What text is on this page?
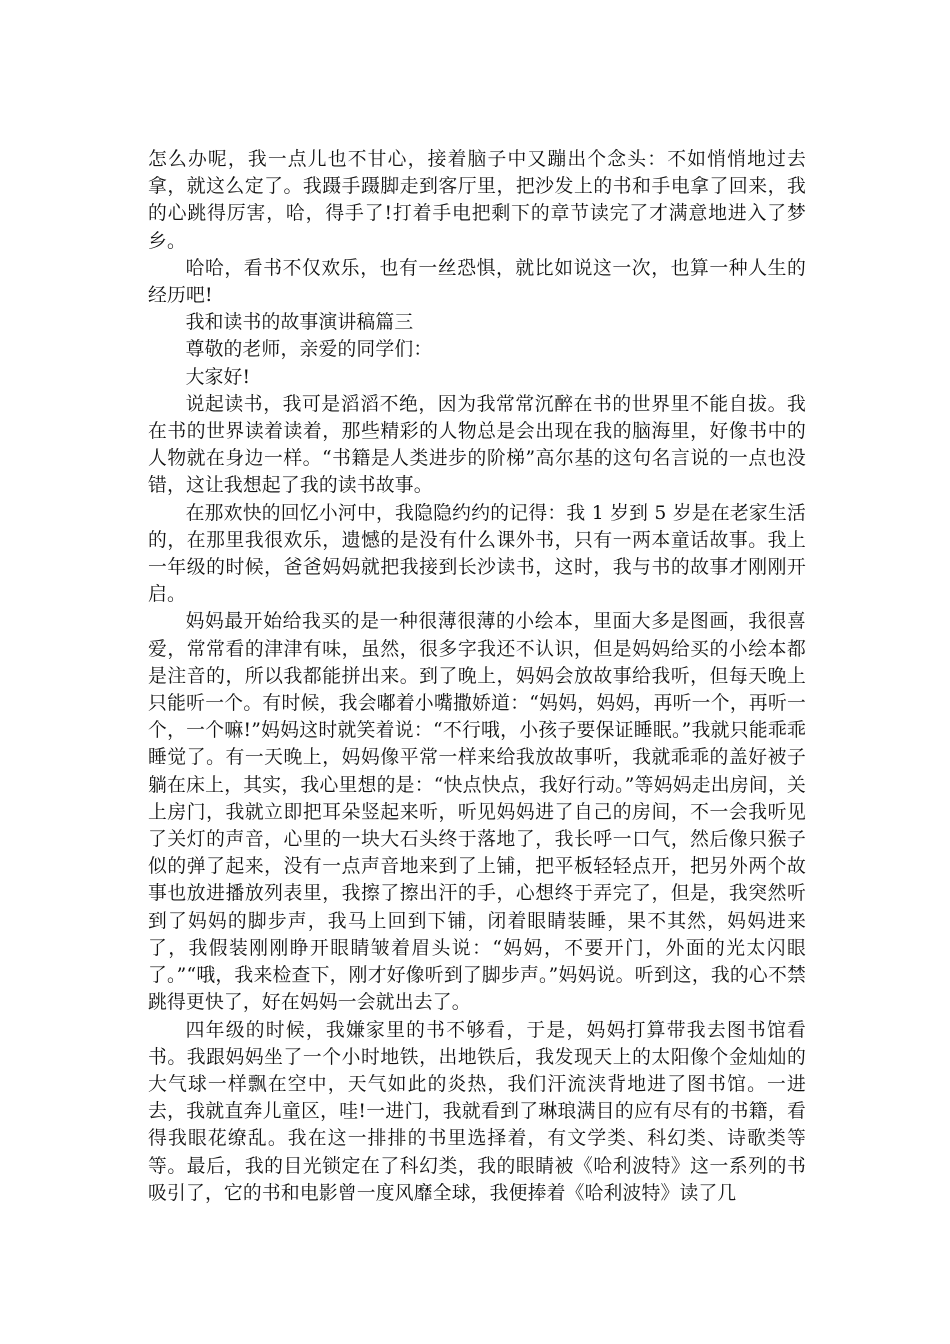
怎么办呢，我一点儿也不甘心，接着脑子中又蹦出个念头：不如悄悄地过去拿，就这么定了。我蹑手蹑脚走到客厅里，把沙发上的书和手电拿了回来，我的心跳得厉害，哈，得手了!打着手电把剩下的章节读完了才满意地进入了梦乡。

哈哈，看书不仅欢乐，也有一丝恐惧，就比如说这一次，也算一种人生的经历吧!

我和读书的故事演讲稿篇三

尊敬的老师，亲爱的同学们：

大家好!

说起读书，我可是滔滔不绝，因为我常常沉醉在书的世界里不能自拔。我在书的世界读着读着，那些精彩的人物总是会出现在我的脑海里，好像书中的人物就在身边一样。“书籍是人类进步的阶梯”高尔基的这句名言说的一点也没错，这让我想起了我的读书故事。

在那欢快的回忆小河中，我隐隐约约的记得：我 1 岁到 5 岁是在老家生活的，在那里我很欢乐，遗憾的是没有什么课外书，只有一两本童话故事。我上一年级的时候，爸爸妈妈就把我接到长沙读书，这时，我与书的故事才刚刚开启。

妈妈最开始给我买的是一种很薄很薄的小绘本，里面大多是图画，我很喜爱，常常看的津津有味，虽然，很多字我还不认识，但是妈妈给买的小绘本都是注音的，所以我都能拼出来。到了晚上，妈妈会放故事给我听，但每天晚上只能听一个。有时候，我会嘟着小嘴撒娇道：“妈妈，妈妈，再听一个，再听一个，一个嘛!”妈妈这时就笑着说：“不行哦，小孩子要保证睡眠。”我就只能乖乖睡觉了。有一天晚上，妈妈像平常一样来给我放故事听，我就乖乖的盖好被子躺在床上，其实，我心里想的是：“快点快点，我好行动。”等妈妈走出房间，关上房门，我就立即把耳朵竖起来听，听见妈妈进了自己的房间，不一会我听见了关灯的声音，心里的一块大石头终于落地了，我长呼一口气，然后像只猴子似的弹了起来，没有一点声音地来到了上铺，把平板轻轻点开，把另外两个故事也放进播放列表里，我擦了擦出汗的手，心想终于弄完了，但是，我突然听到了妈妈的脚步声，我马上回到下铺，闭着眼睛装睡，果不其然，妈妈进来了，我假装刚刚睁开眼睛皱着眉头说：“妈妈，不要开门，外面的光太闪眼了。”“哦，我来检查下，刚才好像听到了脚步声。”妈妈说。听到这，我的心不禁跳得更快了，好在妈妈一会就出去了。

四年级的时候，我嫌家里的书不够看，于是，妈妈打算带我去图书馆看书。我跟妈妈坐了一个小时地铁，出地铁后，我发现天上的太阳像个金灿灿的大气球一样飘在空中，天气如此的炎热，我们汗流浃背地进了图书馆。一进去，我就直奔儿童区，哇!一进门，我就看到了琳琅满目的应有尽有的书籍，看得我眼花缭乱。我在这一排排的书里选择着，有文学类、科幻类、诗歌类等等。最后，我的目光锁定在了科幻类，我的眼睛被《哈利波特》这一系列的书吸引了，它的书和电影曾一度风靡全球，我便捧着《哈利波特》读了几
